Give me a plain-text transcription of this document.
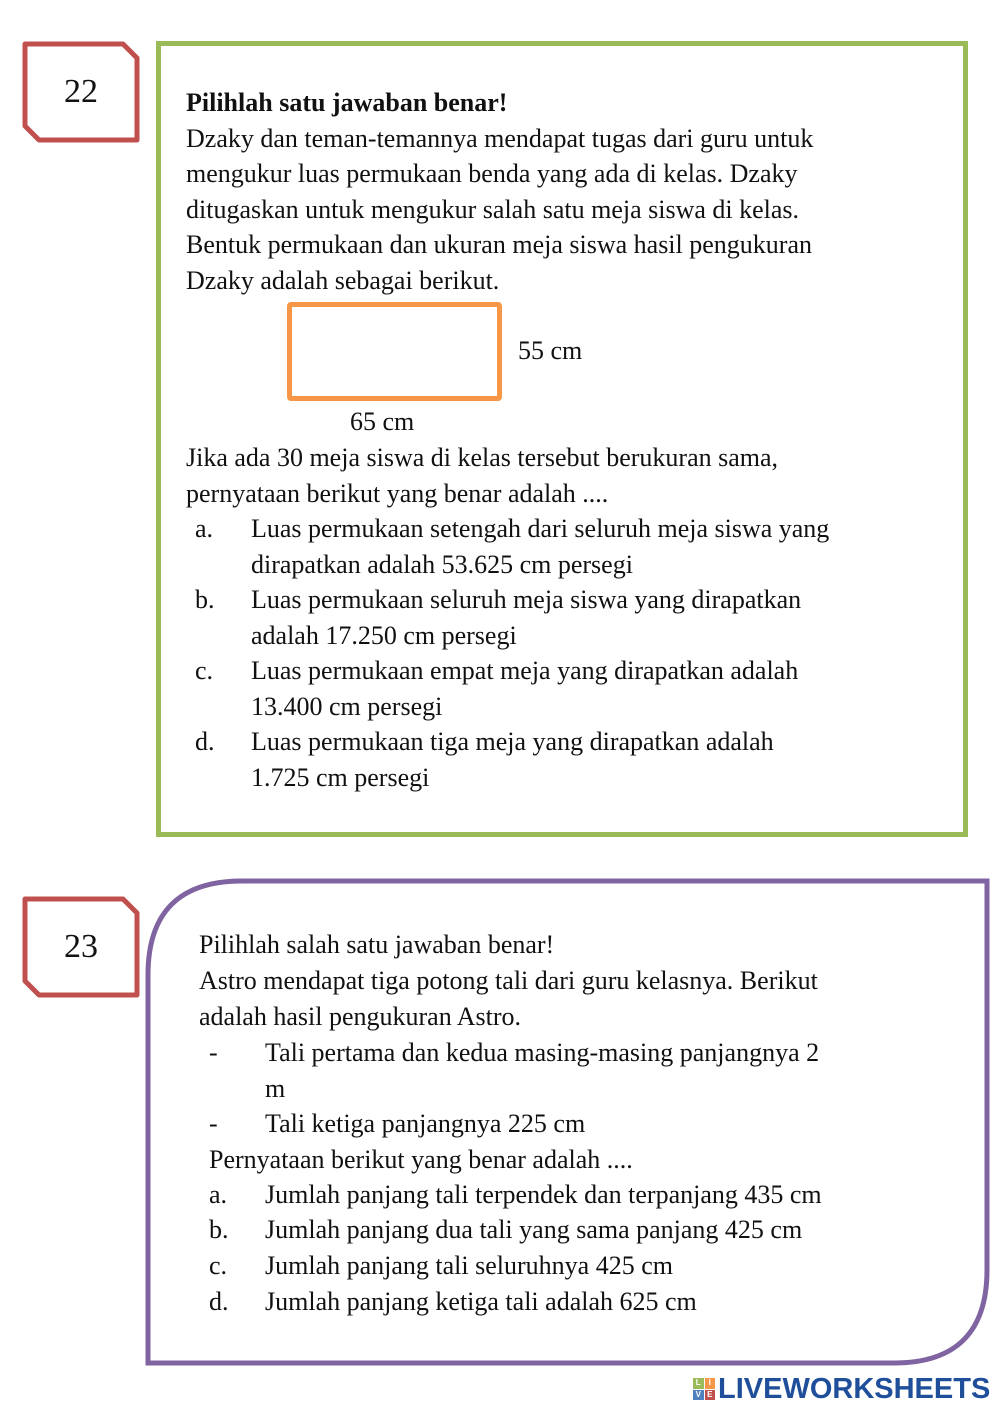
22	Pilihlah satu jawaban benar!
Dzaky dan teman-temannya mendapat tugas dari guru untuk
mengukur luas permukaan benda yang ada di kelas. Dzaky
ditugaskan untuk mengukur salah satu meja siswa di kelas.
Bentuk permukaan dan ukuran meja siswa hasil pengukuran
Dzaky adalah sebagai berikut.
55 cm
65 cm
Jika ada 30 meja siswa di kelas tersebut berukuran sama,
pernyataan berikut yang benar adalah ....
a. Luas permukaan setengah dari seluruh meja siswa yang
dirapatkan adalah 53.625 cm persegi
b. Luas permukaan seluruh meja siswa yang dirapatkan
adalah 17.250 cm persegi
c. Luas permukaan empat meja yang dirapatkan adalah
13.400 cm persegi
d. Luas permukaan tiga meja yang dirapatkan adalah
1.725 cm persegi
23	Pilihlah salah satu jawaban benar!
Astro mendapat tiga potong tali dari guru kelasnya. Berikut
adalah hasil pengukuran Astro.
- Tali pertama dan kedua masing-masing panjangnya 2
m
- Tali ketiga panjangnya 225 cm
Pernyataan berikut yang benar adalah ....
a. Jumlah panjang tali terpendek dan terpanjang 435 cm
b. Jumlah panjang dua tali yang sama panjang 425 cm
c. Jumlah panjang tali seluruhnya 425 cm
d. Jumlah panjang ketiga tali adalah 625 cm
L I
V E LIVEWORKSHEETS
